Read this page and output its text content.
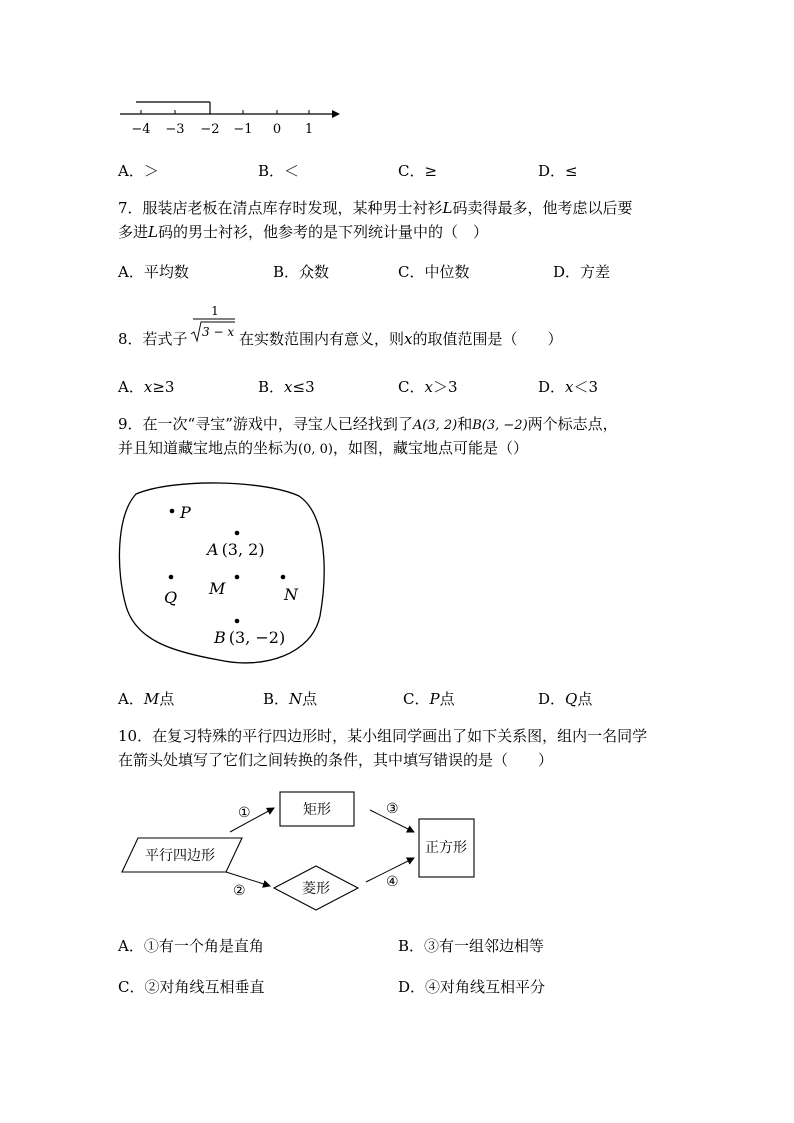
−4 −3 −2 −1 0 1
A．＞	B．＜	C．≥	D．≤
7．服装店老板在清点库存时发现，某种男士衬衫L码卖得最多，他考虑以后要
多进L码的男士衬衫，他参考的是下列统计量中的（　）
A．平均数	B．众数	C．中位数	D．方差
8．若式子
1
3 − x 在实数范围内有意义，则x的取值范围是（　　）
A．x≥3	B．x≤3	C．x＞3	D．x＜3
9．在一次“寻宝”游戏中，寻宝人已经找到了A(3, 2)和B(3, −2)两个标志点，
并且知道藏宝地点的坐标为(0, 0)，如图，藏宝地点可能是（）
P
A (3, 2)
Q M	N
B (3, −2)
A．M点	B．N点	C．P点	D．Q点
10．在复习特殊的平行四边形时，某小组同学画出了如下关系图，组内一名同学
在箭头处填写了它们之间转换的条件，其中填写错误的是（　　）
平行四边形
矩形
菱形
正方形
①
②
③
④
A．①有一个角是直角	B．③有一组邻边相等
C．②对角线互相垂直	D．④对角线互相平分
